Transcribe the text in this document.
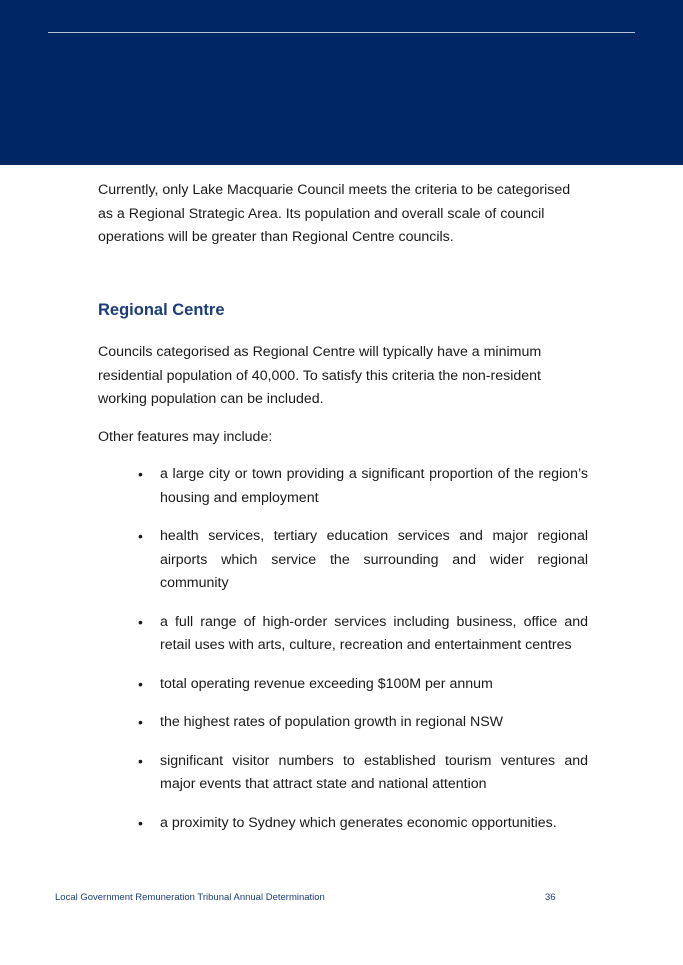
Currently, only Lake Macquarie Council meets the criteria to be categorised as a Regional Strategic Area. Its population and overall scale of council operations will be greater than Regional Centre councils.

Regional Centre

Councils categorised as Regional Centre will typically have a minimum residential population of 40,000. To satisfy this criteria the non-resident working population can be included.

Other features may include:

• a large city or town providing a significant proportion of the region’s housing and employment
• health services, tertiary education services and major regional airports which service the surrounding and wider regional community
• a full range of high-order services including business, office and retail uses with arts, culture, recreation and entertainment centres
• total operating revenue exceeding $100M per annum
• the highest rates of population growth in regional NSW
• significant visitor numbers to established tourism ventures and major events that attract state and national attention
• a proximity to Sydney which generates economic opportunities.
Local Government Remuneration Tribunal Annual Determination	36
